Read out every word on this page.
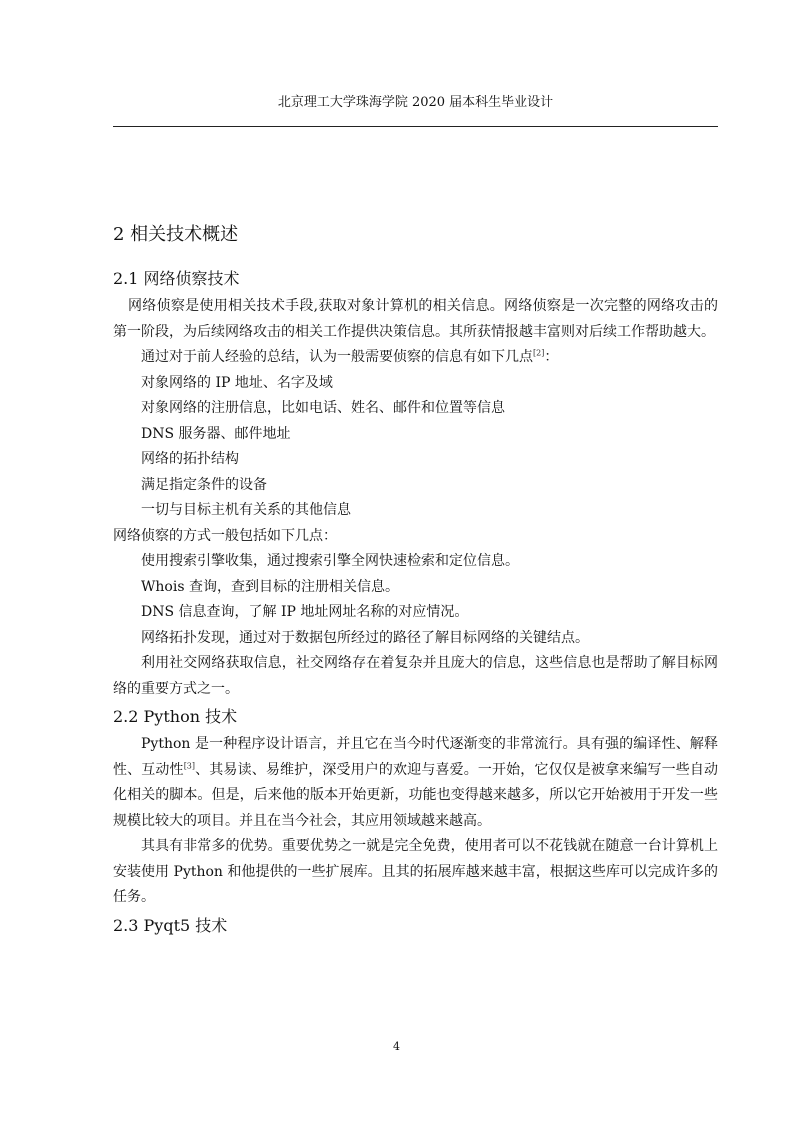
北京理工大学珠海学院 2020 届本科生毕业设计
2 相关技术概述
2.1 网络侦察技术

网络侦察是使用相关技术手段,获取对象计算机的相关信息。网络侦察是一次完整的网络攻击的第一阶段，为后续网络攻击的相关工作提供决策信息。其所获情报越丰富则对后续工作帮助越大。

通过对于前人经验的总结，认为一般需要侦察的信息有如下几点[2]：

对象网络的 IP 地址、名字及域

对象网络的注册信息，比如电话、姓名、邮件和位置等信息

DNS 服务器、邮件地址

网络的拓扑结构

满足指定条件的设备

一切与目标主机有关系的其他信息

网络侦察的方式一般包括如下几点：

使用搜索引擎收集，通过搜索引擎全网快速检索和定位信息。

Whois 查询，查到目标的注册相关信息。

DNS 信息查询，了解 IP 地址网址名称的对应情况。

网络拓扑发现，通过对于数据包所经过的路径了解目标网络的关键结点。

利用社交网络获取信息，社交网络存在着复杂并且庞大的信息，这些信息也是帮助了解目标网络的重要方式之一。

2.2 Python 技术

Python 是一种程序设计语言，并且它在当今时代逐渐变的非常流行。具有强的编译性、解释性、互动性[3]、其易读、易维护，深受用户的欢迎与喜爱。一开始，它仅仅是被拿来编写一些自动化相关的脚本。但是，后来他的版本开始更新，功能也变得越来越多，所以它开始被用于开发一些规模比较大的项目。并且在当今社会，其应用领域越来越高。

其具有非常多的优势。重要优势之一就是完全免费，使用者可以不花钱就在随意一台计算机上安装使用 Python 和他提供的一些扩展库。且其的拓展库越来越丰富，根据这些库可以完成许多的任务。

2.3 Pyqt5 技术
4
